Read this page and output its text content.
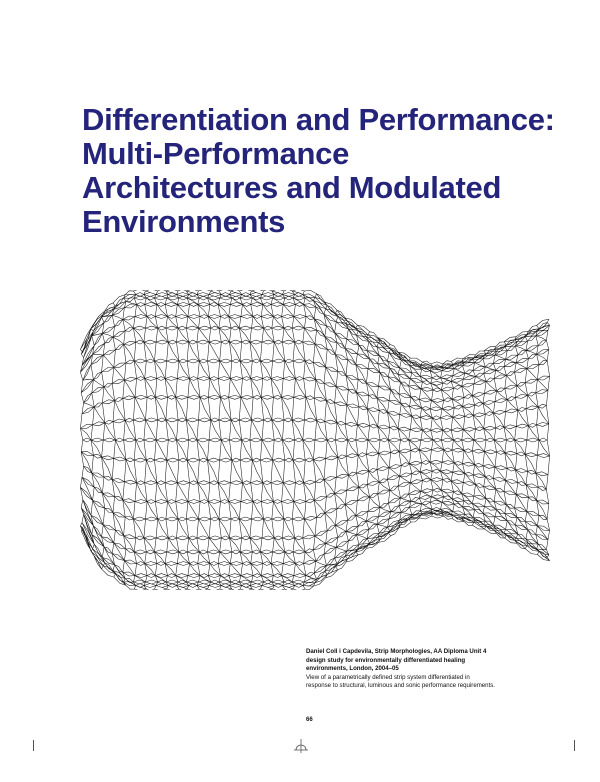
Differentiation and Performance:
Multi-Performance
Architectures and Modulated
Environments
Daniel Coll i Capdevila, Strip Morphologies, AA Diploma Unit 4
design study for environmentally differentiated healing
environments, London, 2004–05
View of a parametrically defined strip system differentiated in
response to structural, luminous and sonic performance requirements.
66
